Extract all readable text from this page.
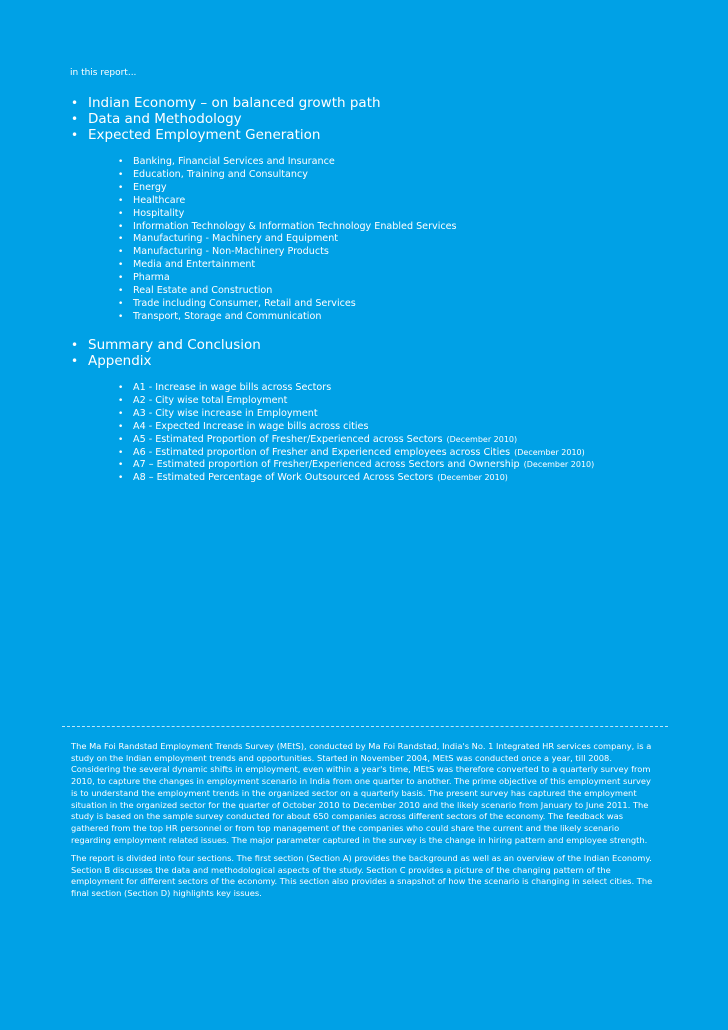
in this report...
• Indian Economy – on balanced growth path
• Data and Methodology
• Expected Employment Generation
• Banking, Financial Services and Insurance
• Education, Training and Consultancy
• Energy
• Healthcare
• Hospitality
• Information Technology & Information Technology Enabled Services
• Manufacturing - Machinery and Equipment
• Manufacturing - Non-Machinery Products
• Media and Entertainment
• Pharma
• Real Estate and Construction
• Trade including Consumer, Retail and Services
• Transport, Storage and Communication
• Summary and Conclusion
• Appendix
• A1 - Increase in wage bills across Sectors
• A2 - City wise total Employment
• A3 - City wise increase in Employment
• A4 - Expected Increase in wage bills across cities
• A5 - Estimated Proportion of Fresher/Experienced across Sectors (December 2010)
• A6 - Estimated proportion of Fresher and Experienced employees across Cities (December 2010)
• A7 – Estimated proportion of Fresher/Experienced across Sectors and Ownership (December 2010)
• A8 – Estimated Percentage of Work Outsourced Across Sectors (December 2010)

The Ma Foi Randstad Employment Trends Survey (MEtS), conducted by Ma Foi Randstad, India's No. 1 Integrated HR services company, is a study on the Indian employment trends and opportunities. Started in November 2004, MEtS was conducted once a year, till 2008. Considering the several dynamic shifts in employment, even within a year's time, MEtS was therefore converted to a quarterly survey from 2010, to capture the changes in employment scenario in India from one quarter to another. The prime objective of this employment survey is to understand the employment trends in the organized sector on a quarterly basis. The present survey has captured the employment situation in the organized sector for the quarter of October 2010 to December 2010 and the likely scenario from January to June 2011. The study is based on the sample survey conducted for about 650 companies across different sectors of the economy. The feedback was gathered from the top HR personnel or from top management of the companies who could share the current and the likely scenario regarding employment related issues. The major parameter captured in the survey is the change in hiring pattern and employee strength.

The report is divided into four sections. The first section (Section A) provides the background as well as an overview of the Indian Economy. Section B discusses the data and methodological aspects of the study. Section C provides a picture of the changing pattern of the employment for different sectors of the economy. This section also provides a snapshot of how the scenario is changing in select cities. The final section (Section D) highlights key issues.
